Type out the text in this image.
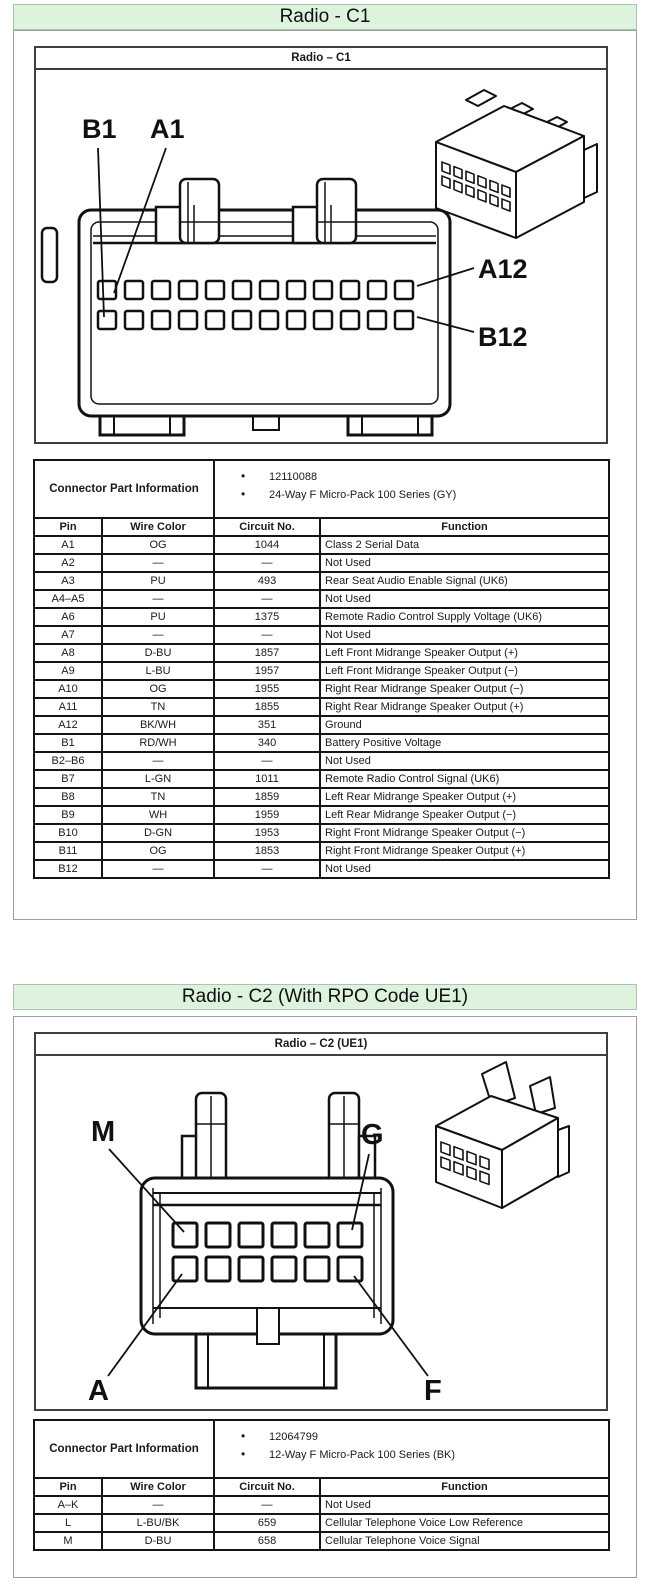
Radio - C1
Radio – C1
B1 A1
A12
B12
Connector Part Information	
•	12110088
•	24-Way F Micro-Pack 100 Series (GY)

Pin	Wire Color	Circuit No.	Function
A1	OG	1044	Class 2 Serial Data
A2	—	—	Not Used
A3	PU	493	Rear Seat Audio Enable Signal (UK6)
A4–A5	—	—	Not Used
A6	PU	1375	Remote Radio Control Supply Voltage (UK6)
A7	—	—	Not Used
A8	D-BU	1857	Left Front Midrange Speaker Output (+)
A9	L-BU	1957	Left Front Midrange Speaker Output (−)
A10	OG	1955	Right Rear Midrange Speaker Output (−)
A11	TN	1855	Right Rear Midrange Speaker Output (+)
A12	BK/WH	351	Ground
B1	RD/WH	340	Battery Positive Voltage
B2–B6	—	—	Not Used
B7	L-GN	1011	Remote Radio Control Signal (UK6)
B8	TN	1859	Left Rear Midrange Speaker Output (+)
B9	WH	1959	Left Rear Midrange Speaker Output (−)
B10	D-GN	1953	Right Front Midrange Speaker Output (−)
B11	OG	1853	Right Front Midrange Speaker Output (+)
B12	—	—	Not Used
Radio - C2 (With RPO Code UE1)
Radio – C2 (UE1)
M	G
A	F
Connector Part Information	
•	12064799
•	12-Way F Micro-Pack 100 Series (BK)

Pin	Wire Color	Circuit No.	Function
A–K	—	—	Not Used
L	L-BU/BK	659	Cellular Telephone Voice Low Reference
M	D-BU	658	Cellular Telephone Voice Signal
